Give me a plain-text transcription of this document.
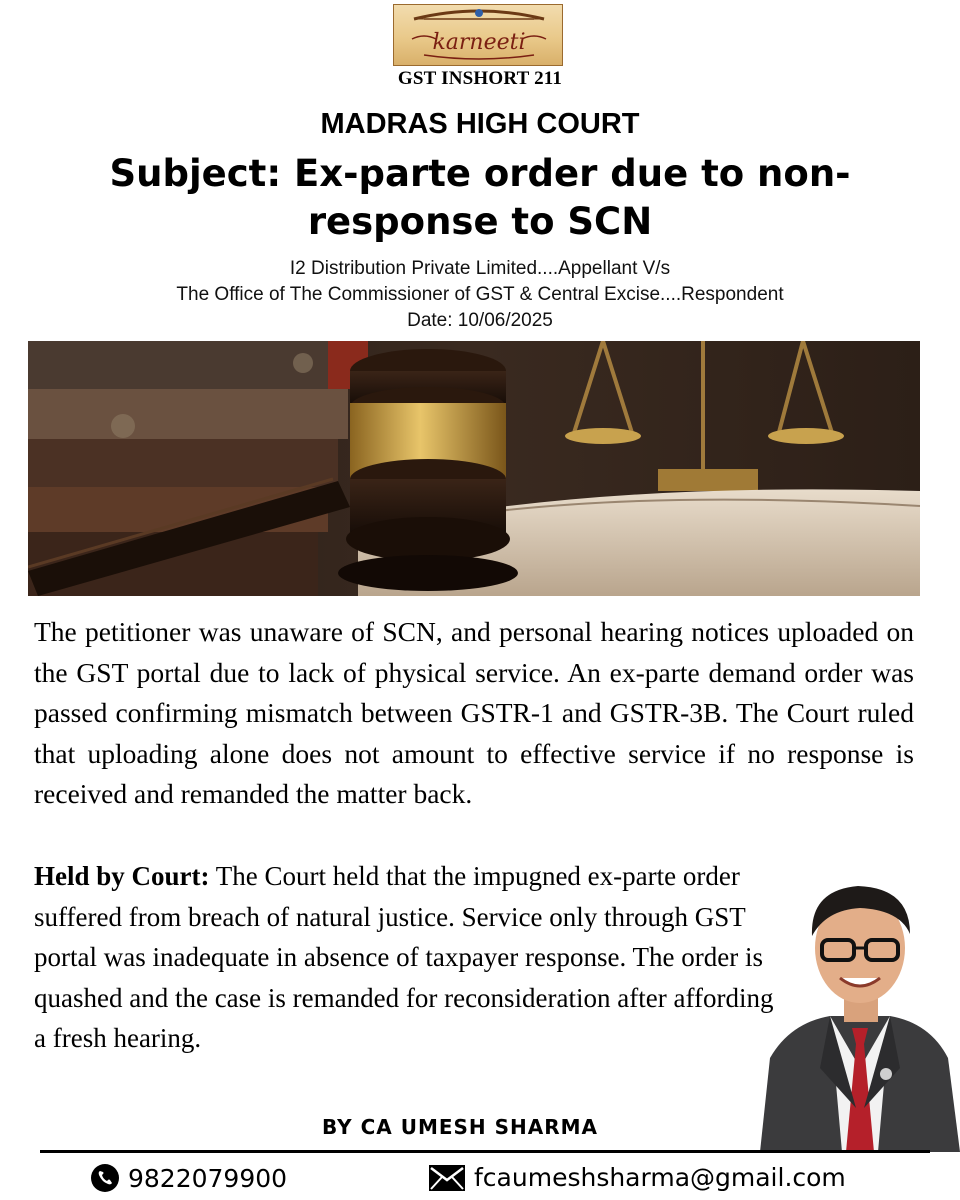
karneeti
GST INSHORT 211
MADRAS HIGH COURT
Subject: Ex-parte order due to non-response to SCN
I2 Distribution Private Limited....Appellant V/s
The Office of The Commissioner of GST & Central Excise....Respondent
Date: 10/06/2025
The petitioner was unaware of SCN, and personal hearing notices uploaded on the GST portal due to lack of physical service. An ex-parte demand order was passed confirming mismatch between GSTR-1 and GSTR-3B. The Court ruled that uploading alone does not amount to effective service if no response is received and remanded the matter back.
Held by Court: The Court held that the impugned ex-parte order suffered from breach of natural justice. Service only through GST portal was inadequate in absence of taxpayer response. The order is quashed and the case is remanded for reconsideration after affording a fresh hearing.
BY CA UMESH SHARMA
9822079900	fcaumeshsharma@gmail.com
